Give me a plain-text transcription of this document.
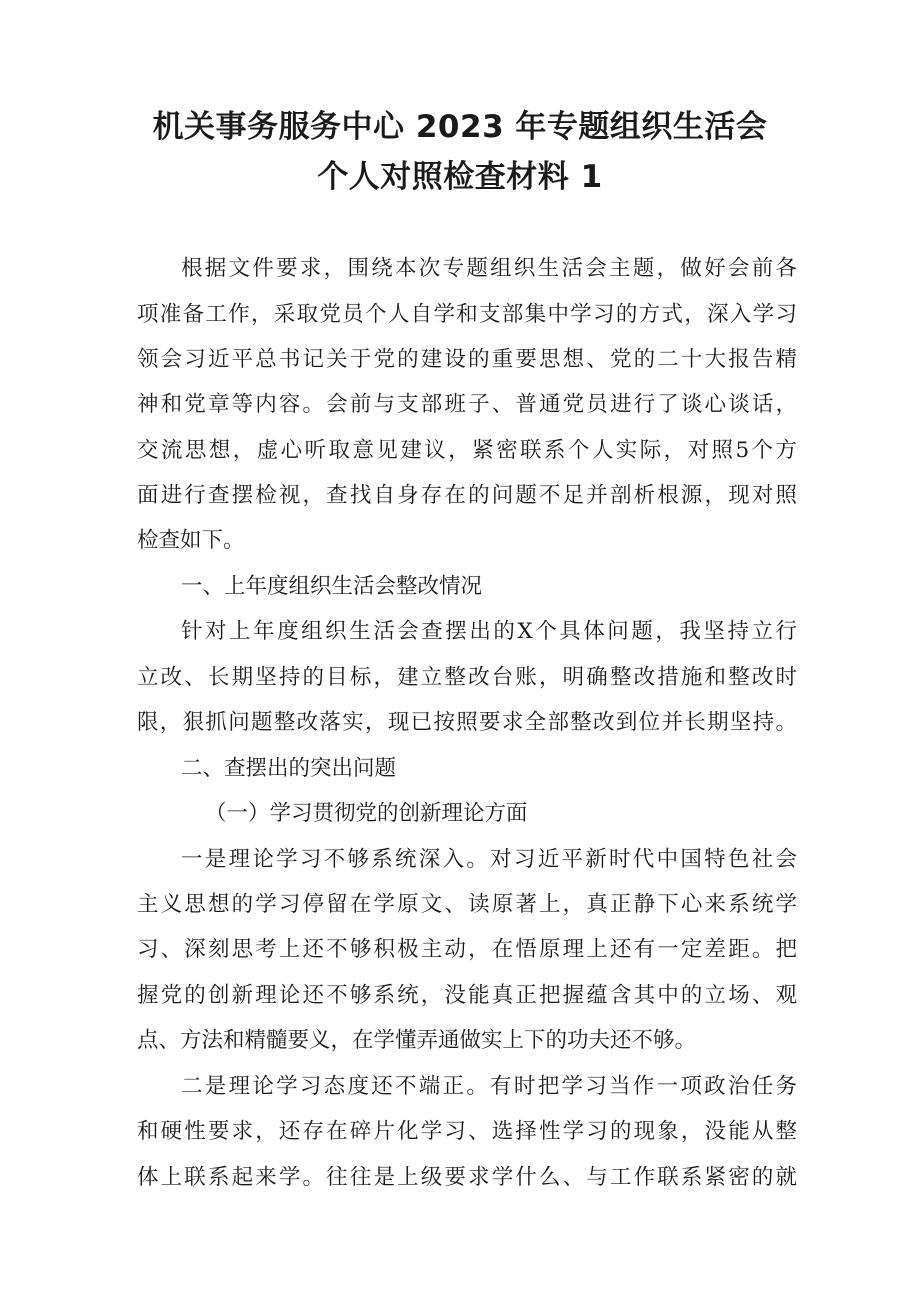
机关事务服务中心 2023 年专题组织生活会
个人对照检查材料 1

根据文件要求，围绕本次专题组织生活会主题，做好会前各

项准备工作，采取党员个人自学和支部集中学习的方式，深入学习

领会习近平总书记关于党的建设的重要思想、党的二十大报告精

神和党章等内容。会前与支部班子、普通党员进行了谈心谈话，

交流思想，虚心听取意见建议，紧密联系个人实际，对照5个方

面进行查摆检视，查找自身存在的问题不足并剖析根源，现对照

检查如下。

一、上年度组织生活会整改情况

针对上年度组织生活会查摆出的X个具体问题，我坚持立行

立改、长期坚持的目标，建立整改台账，明确整改措施和整改时

限，狠抓问题整改落实，现已按照要求全部整改到位并长期坚持。

二、查摆出的突出问题

（一）学习贯彻党的创新理论方面

一是理论学习不够系统深入。对习近平新时代中国特色社会

主义思想的学习停留在学原文、读原著上，真正静下心来系统学

习、深刻思考上还不够积极主动，在悟原理上还有一定差距。把

握党的创新理论还不够系统，没能真正把握蕴含其中的立场、观

点、方法和精髓要义，在学懂弄通做实上下的功夫还不够。

二是理论学习态度还不端正。有时把学习当作一项政治任务

和硬性要求，还存在碎片化学习、选择性学习的现象，没能从整

体上联系起来学。往往是上级要求学什么、与工作联系紧密的就
